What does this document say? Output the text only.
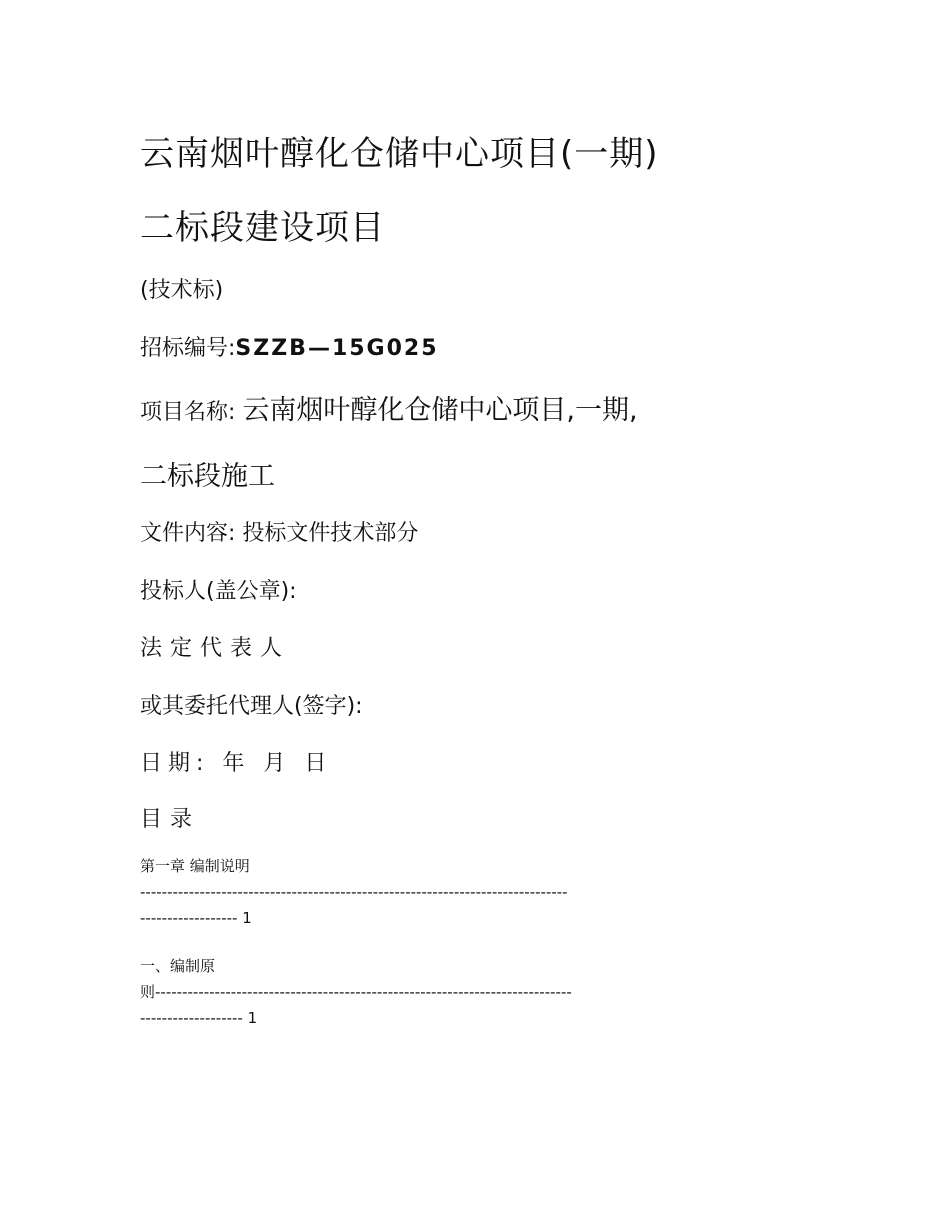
云南烟叶醇化仓储中心项目(一期)
二标段建设项目
(技术标)
招标编号:SZZB—15G025
项目名称: 云南烟叶醇化仓储中心项目,一期,
二标段施工
文件内容: 投标文件技术部分
投标人(盖公章):
法定代表人
或其委托代理人(签字):
日期: 年 月 日
目录
第一章 编制说明
-------------------------------------------------------------------------------
------------------ 1
一、编制原
则-----------------------------------------------------------------------------
------------------- 1
